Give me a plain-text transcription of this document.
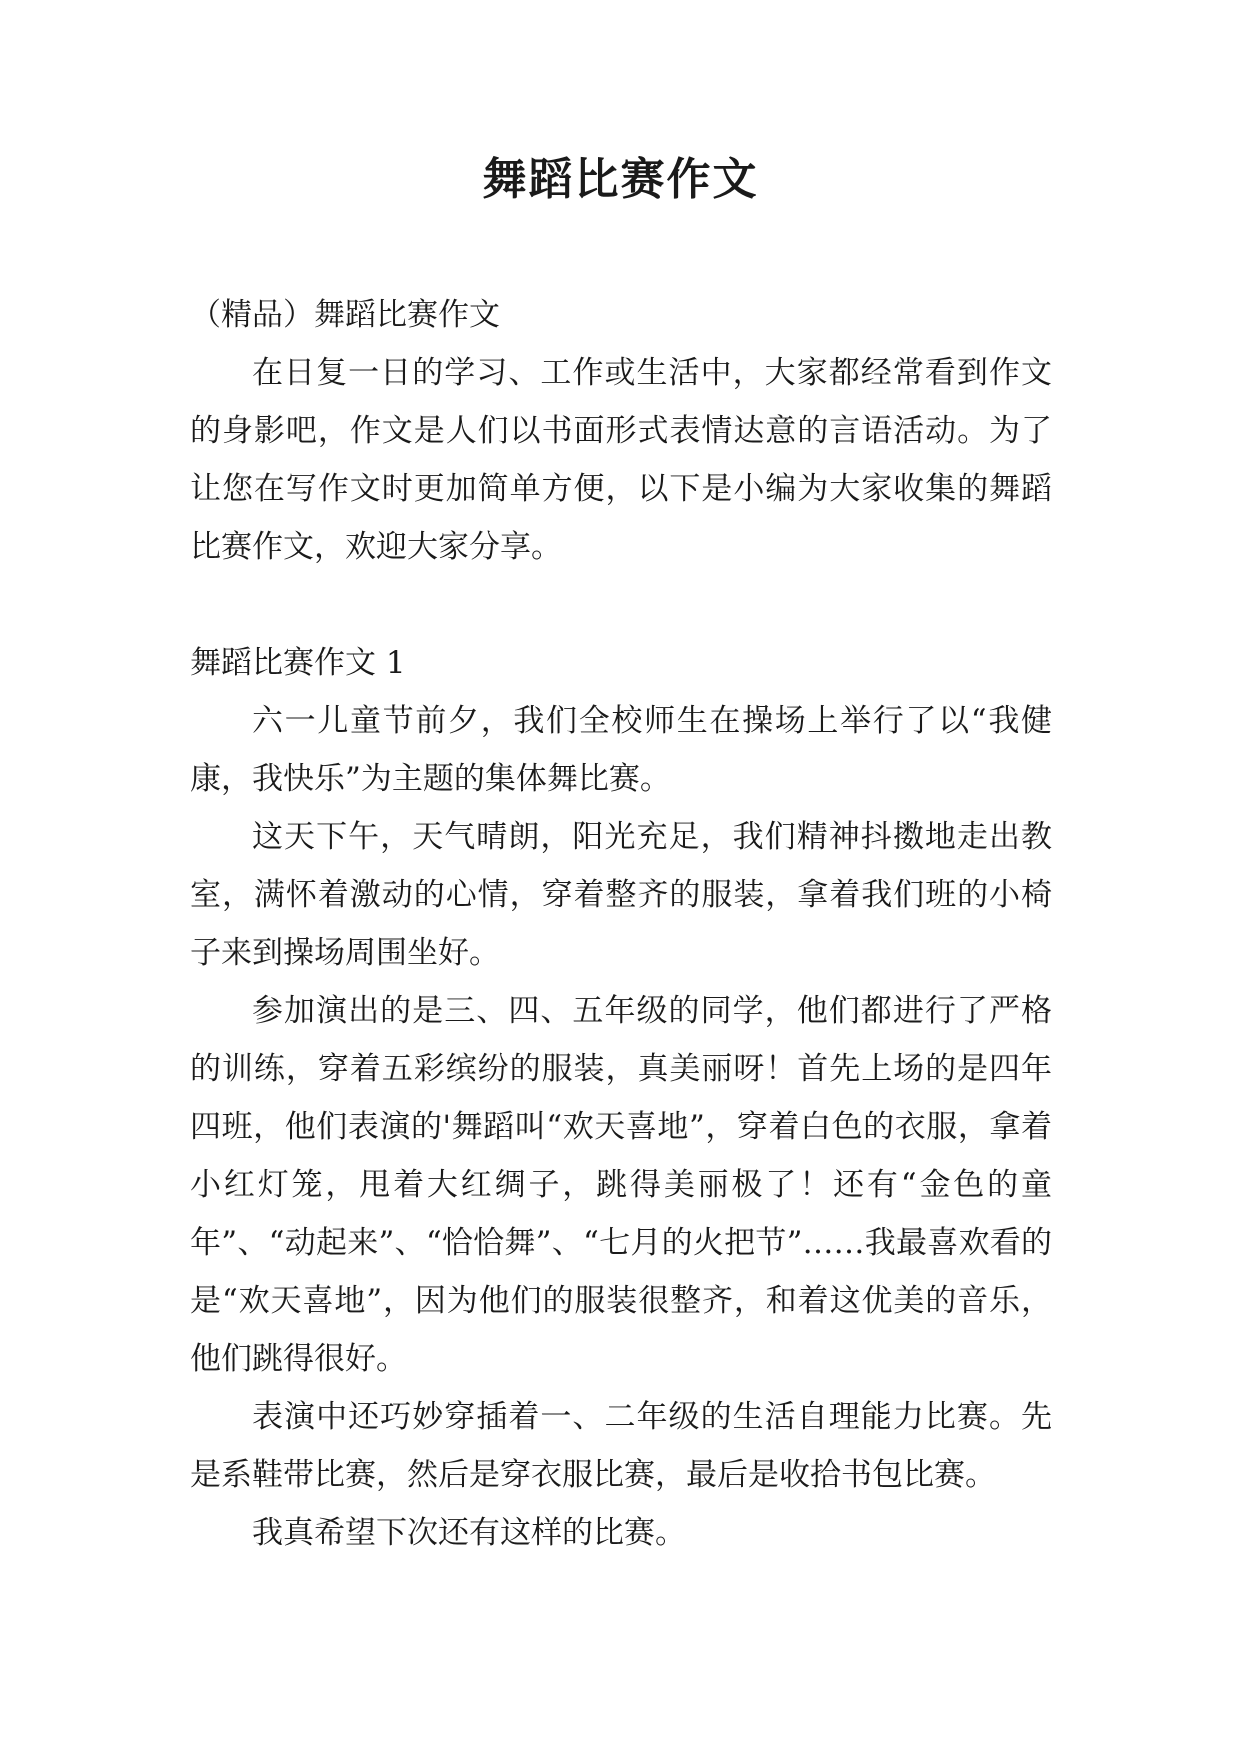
舞蹈比赛作文

（精品）舞蹈比赛作文

在日复一日的学习、工作或生活中，大家都经常看到作文的身影吧，作文是人们以书面形式表情达意的言语活动。为了让您在写作文时更加简单方便，以下是小编为大家收集的舞蹈比赛作文，欢迎大家分享。

舞蹈比赛作文 1

六一儿童节前夕，我们全校师生在操场上举行了以“我健康，我快乐”为主题的集体舞比赛。

这天下午，天气晴朗，阳光充足，我们精神抖擞地走出教室，满怀着激动的心情，穿着整齐的服装，拿着我们班的小椅子来到操场周围坐好。

参加演出的是三、四、五年级的同学，他们都进行了严格的训练，穿着五彩缤纷的服装，真美丽呀！首先上场的是四年四班，他们表演的'舞蹈叫“欢天喜地”，穿着白色的衣服，拿着小红灯笼，甩着大红绸子，跳得美丽极了！还有“金色的童年”、“动起来”、“恰恰舞”、“七月的火把节”……我最喜欢看的是“欢天喜地”，因为他们的服装很整齐，和着这优美的音乐，他们跳得很好。

表演中还巧妙穿插着一、二年级的生活自理能力比赛。先是系鞋带比赛，然后是穿衣服比赛，最后是收拾书包比赛。

我真希望下次还有这样的比赛。
